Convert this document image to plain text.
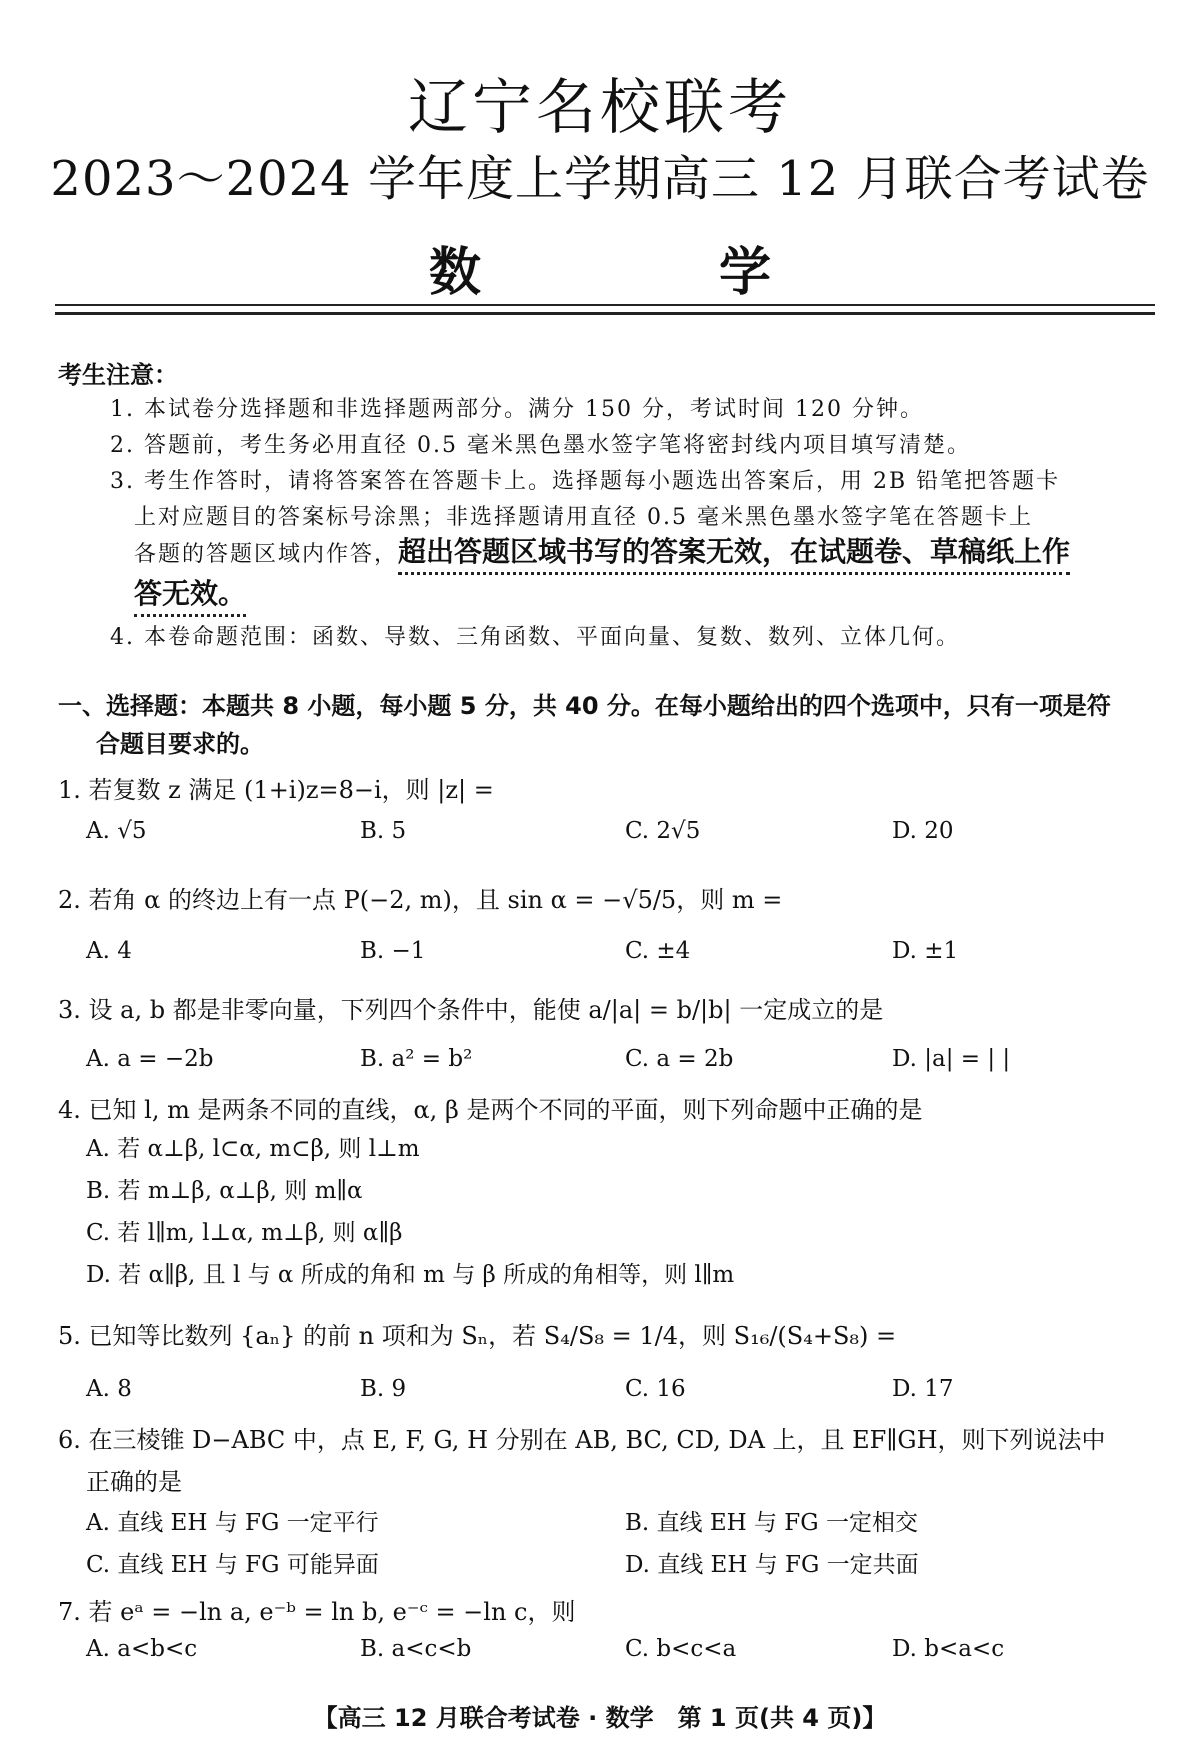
辽宁名校联考
2023～2024 学年度上学期高三 12 月联合考试卷
数 学
考生注意：
1. 本试卷分选择题和非选择题两部分。满分 150 分，考试时间 120 分钟。
2. 答题前，考生务必用直径 0.5 毫米黑色墨水签字笔将密封线内项目填写清楚。
3. 考生作答时，请将答案答在答题卡上。选择题每小题选出答案后，用 2B 铅笔把答题卡
上对应题目的答案标号涂黑；非选择题请用直径 0.5 毫米黑色墨水签字笔在答题卡上
各题的答题区域内作答，超出答题区域书写的答案无效，在试题卷、草稿纸上作
答无效。
4. 本卷命题范围：函数、导数、三角函数、平面向量、复数、数列、立体几何。
一、选择题：本题共 8 小题，每小题 5 分，共 40 分。在每小题给出的四个选项中，只有一项是符
合题目要求的。
1. 若复数 z 满足 (1+i)z=8−i，则 |z| =
A. √5	B. 5	C. 2√5	D. 20
2. 若角 α 的终边上有一点 P(−2, m)，且 sin α = −√5/5，则 m =
A. 4	B. −1	C. ±4	D. ±1
3. 设 a, b 都是非零向量，下列四个条件中，能使 a/|a| = b/|b| 一定成立的是
A. a = −2b	B. a² = b²	C. a = 2b	D. |a| = | |
4. 已知 l, m 是两条不同的直线，α, β 是两个不同的平面，则下列命题中正确的是
A. 若 α⊥β, l⊂α, m⊂β, 则 l⊥m
B. 若 m⊥β, α⊥β, 则 m∥α
C. 若 l∥m, l⊥α, m⊥β, 则 α∥β
D. 若 α∥β, 且 l 与 α 所成的角和 m 与 β 所成的角相等，则 l∥m
5. 已知等比数列 {aₙ} 的前 n 项和为 Sₙ，若 S₄/S₈ = 1/4，则 S₁₆/(S₄+S₈) =
A. 8	B. 9	C. 16	D. 17
6. 在三棱锥 D−ABC 中，点 E, F, G, H 分别在 AB, BC, CD, DA 上，且 EF∥GH，则下列说法中
正确的是
A. 直线 EH 与 FG 一定平行	B. 直线 EH 与 FG 一定相交
C. 直线 EH 与 FG 可能异面	D. 直线 EH 与 FG 一定共面
7. 若 eᵃ = −ln a, e⁻ᵇ = ln b, e⁻ᶜ = −ln c，则
A. a<b<c	B. a<c<b	C. b<c<a	D. b<a<c
【高三 12 月联合考试卷 · 数学　第 1 页(共 4 页)】
